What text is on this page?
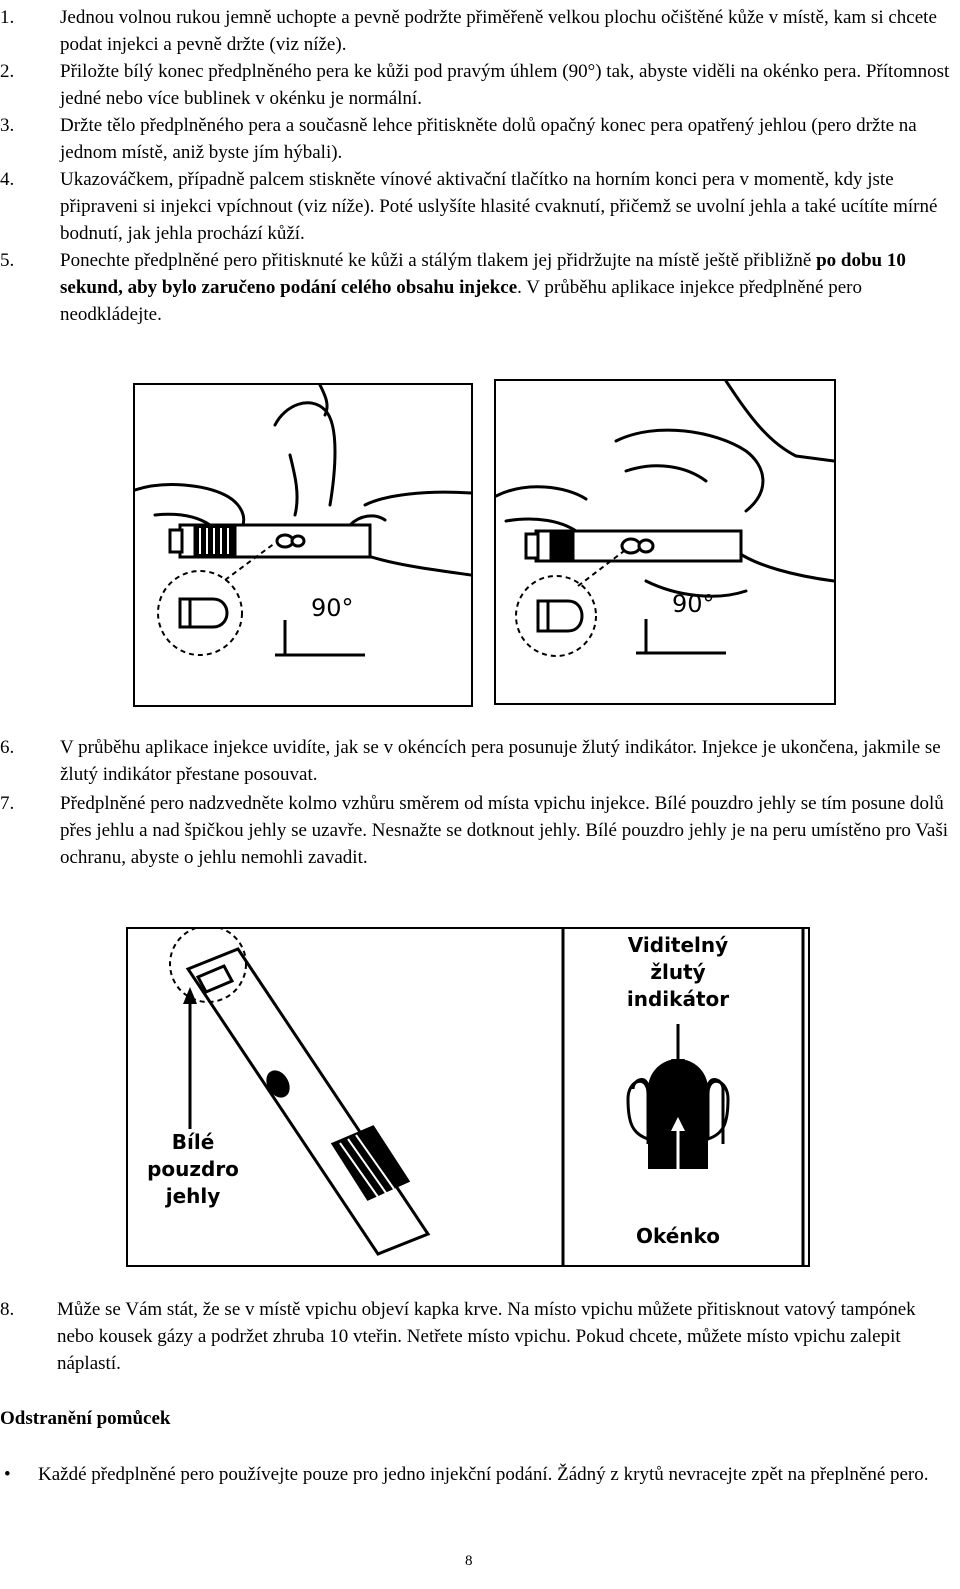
1. Jednou volnou rukou jemně uchopte a pevně podržte přiměřeně velkou plochu očištěné kůže v místě, kam si chcete podat injekci a pevně držte (viz níže).
2. Přiložte bílý konec předplněného pera ke kůži pod pravým úhlem (90°) tak, abyste viděli na okénko pera. Přítomnost jedné nebo více bublinek v okénku je normální.
3. Držte tělo předplněného pera a současně lehce přitiskněte dolů opačný konec pera opatřený jehlou (pero držte na jednom místě, aniž byste jím hýbali).
4. Ukazováčkem, případně palcem stiskněte vínové aktivační tlačítko na horním konci pera v momentě, kdy jste připraveni si injekci vpíchnout (viz níže). Poté uslyšíte hlasité cvaknutí, přičemž se uvolní jehla a také ucítíte mírné bodnutí, jak jehla prochází kůží.
5. Ponechte předplněné pero přitisknuté ke kůži a stálým tlakem jej přidržujte na místě ještě přibližně po dobu 10 sekund, aby bylo zaručeno podání celého obsahu injekce. V průběhu aplikace injekce předplněné pero neodkládejte.
90°	90°
6. V průběhu aplikace injekce uvidíte, jak se v okéncích pera posunuje žlutý indikátor. Injekce je ukončena, jakmile se žlutý indikátor přestane posouvat.
7. Předplněné pero nadzvedněte kolmo vzhůru směrem od místa vpichu injekce. Bílé pouzdro jehly se tím posune dolů přes jehlu a nad špičkou jehly se uzavře. Nesnažte se dotknout jehly. Bílé pouzdro jehly je na peru umístěno pro Vaši ochranu, abyste o jehlu nemohli zavadit.
Bílé
pouzdro
jehly
Viditelný
žlutý
indikátor
Okénko
8. Může se Vám stát, že se v místě vpichu objeví kapka krve. Na místo vpichu můžete přitisknout vatový tampónek nebo kousek gázy a podržet zhruba 10 vteřin. Netřete místo vpichu. Pokud chcete, můžete místo vpichu zalepit náplastí.
Odstranění pomůcek
• Každé předplněné pero používejte pouze pro jedno injekční podání. Žádný z krytů nevracejte zpět na přeplněné pero.
8
